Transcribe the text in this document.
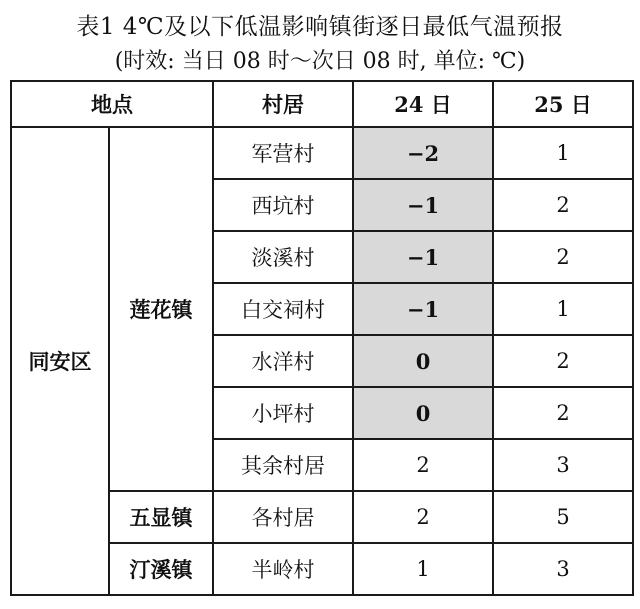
表1 4℃及以下低温影响镇街逐日最低气温预报
(时效: 当日 08 时～次日 08 时, 单位: ℃)
地点		村居	24 日	25 日
同安区	莲花镇	军营村	−2	1
		西坑村	−1	2
		淡溪村	−1	2
		白交祠村	−1	1
		水洋村	0	2
		小坪村	0	2
		其余村居	2	3
	五显镇	各村居	2	5
	汀溪镇	半岭村	1	3
